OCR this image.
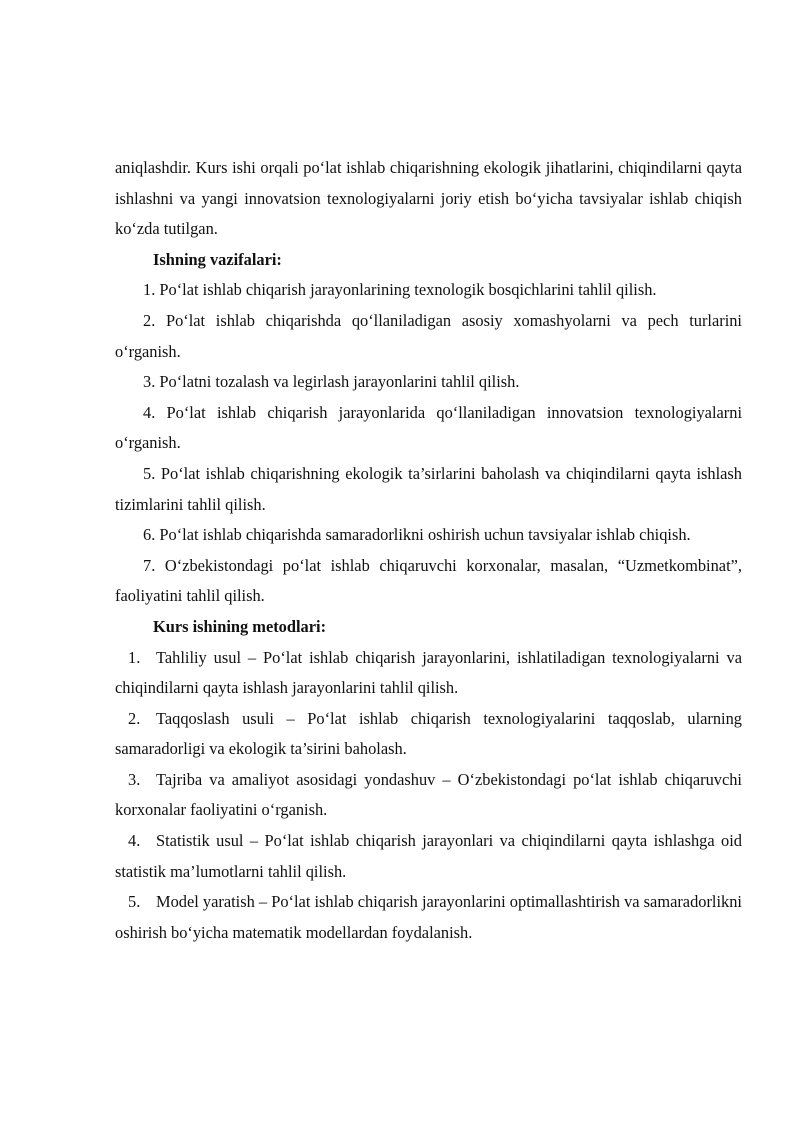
aniqlashdir. Kurs ishi orqali po‘lat ishlab chiqarishning ekologik jihatlarini, chiqindilarni qayta ishlashni va yangi innovatsion texnologiyalarni joriy etish bo‘yicha tavsiyalar ishlab chiqish ko‘zda tutilgan.

Ishning vazifalari:

1. Po‘lat ishlab chiqarish jarayonlarining texnologik bosqichlarini tahlil qilish.

2. Po‘lat ishlab chiqarishda qo‘llaniladigan asosiy xomashyolarni va pech turlarini o‘rganish.

3. Po‘latni tozalash va legirlash jarayonlarini tahlil qilish.

4. Po‘lat ishlab chiqarish jarayonlarida qo‘llaniladigan innovatsion texnologiyalarni o‘rganish.

5. Po‘lat ishlab chiqarishning ekologik ta’sirlarini baholash va chiqindilarni qayta ishlash tizimlarini tahlil qilish.

6. Po‘lat ishlab chiqarishda samaradorlikni oshirish uchun tavsiyalar ishlab chiqish.

7. O‘zbekistondagi po‘lat ishlab chiqaruvchi korxonalar, masalan, “Uzmetkombinat”, faoliyatini tahlil qilish.

Kurs ishining metodlari:

1. Tahliliy usul – Po‘lat ishlab chiqarish jarayonlarini, ishlatiladigan texnologiyalarni va chiqindilarni qayta ishlash jarayonlarini tahlil qilish.

2. Taqqoslash usuli – Po‘lat ishlab chiqarish texnologiyalarini taqqoslab, ularning samaradorligi va ekologik ta’sirini baholash.

3. Tajriba va amaliyot asosidagi yondashuv – O‘zbekistondagi po‘lat ishlab chiqaruvchi korxonalar faoliyatini o‘rganish.

4. Statistik usul – Po‘lat ishlab chiqarish jarayonlari va chiqindilarni qayta ishlashga oid statistik ma’lumotlarni tahlil qilish.

5. Model yaratish – Po‘lat ishlab chiqarish jarayonlarini optimallashtirish va samaradorlikni oshirish bo‘yicha matematik modellardan foydalanish.
